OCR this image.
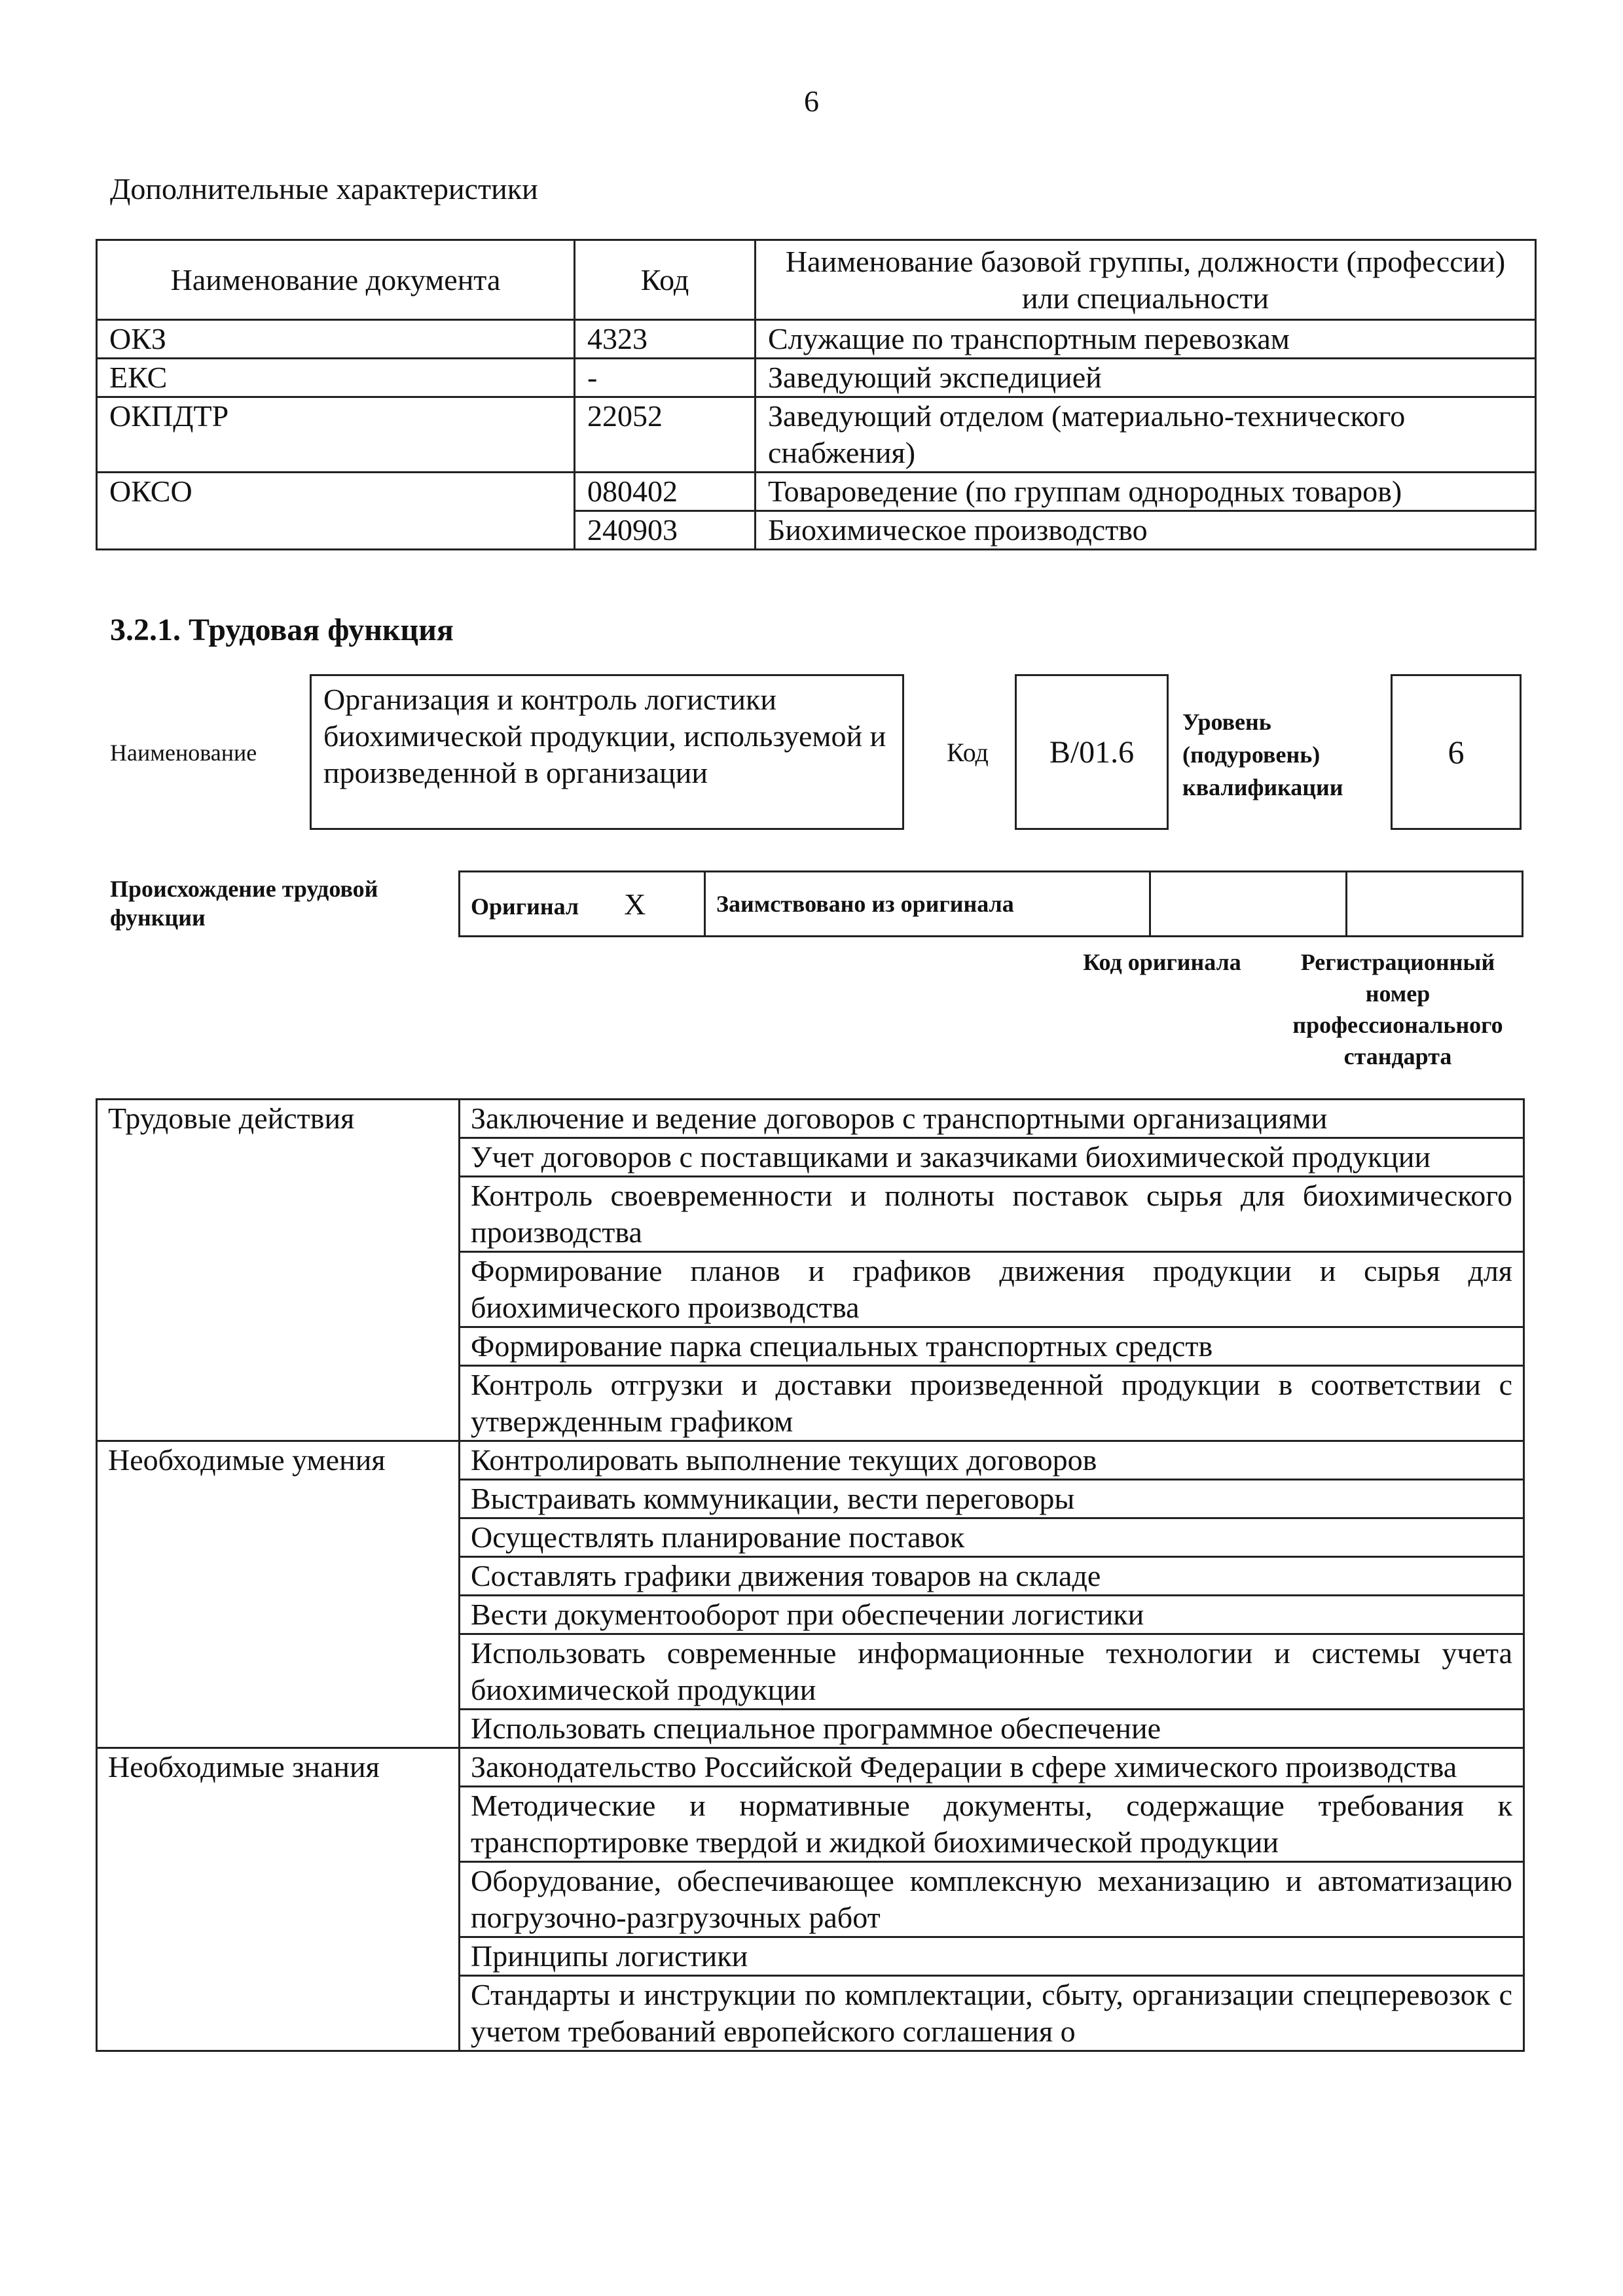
6
Дополнительные характеристики
Наименование документа	Код	Наименование базовой группы, должности (профессии) или специальности
ОКЗ	4323	Служащие по транспортным перевозкам
ЕКС	-	Заведующий экспедицией
ОКПДТР	22052	Заведующий отделом (материально-технического снабжения)
ОКСО	080402	Товароведение (по группам однородных товаров)
	240903	Биохимическое производство
3.2.1. Трудовая функция
Наименование
Организация и контроль логистики биохимической продукции, используемой и произведенной в организации
Код	B/01.6
Уровень (подуровень) квалификации
6
Происхождение трудовой функции	Оригинал X	Заимствовано из оригинала		
Код оригинала	Регистрационный номер профессионального стандарта
Трудовые действия	Заключение и ведение договоров с транспортными организациями
	Учет договоров с поставщиками и заказчиками биохимической продукции
	Контроль своевременности и полноты поставок сырья для биохимического производства
	Формирование планов и графиков движения продукции и сырья для биохимического производства
	Формирование парка специальных транспортных средств
	Контроль отгрузки и доставки произведенной продукции в соответствии с утвержденным графиком
Необходимые умения	Контролировать выполнение текущих договоров
	Выстраивать коммуникации, вести переговоры
	Осуществлять планирование поставок
	Составлять графики движения товаров на складе
	Вести документооборот при обеспечении логистики
	Использовать современные информационные технологии и системы учета биохимической продукции
	Использовать специальное программное обеспечение
Необходимые знания	Законодательство Российской Федерации в сфере химического производства
	Методические и нормативные документы, содержащие требования к транспортировке твердой и жидкой биохимической продукции
	Оборудование, обеспечивающее комплексную механизацию и автоматизацию погрузочно-разгрузочных работ
	Принципы логистики
	Стандарты и инструкции по комплектации, сбыту, организации спецперевозок с учетом требований европейского соглашения о
